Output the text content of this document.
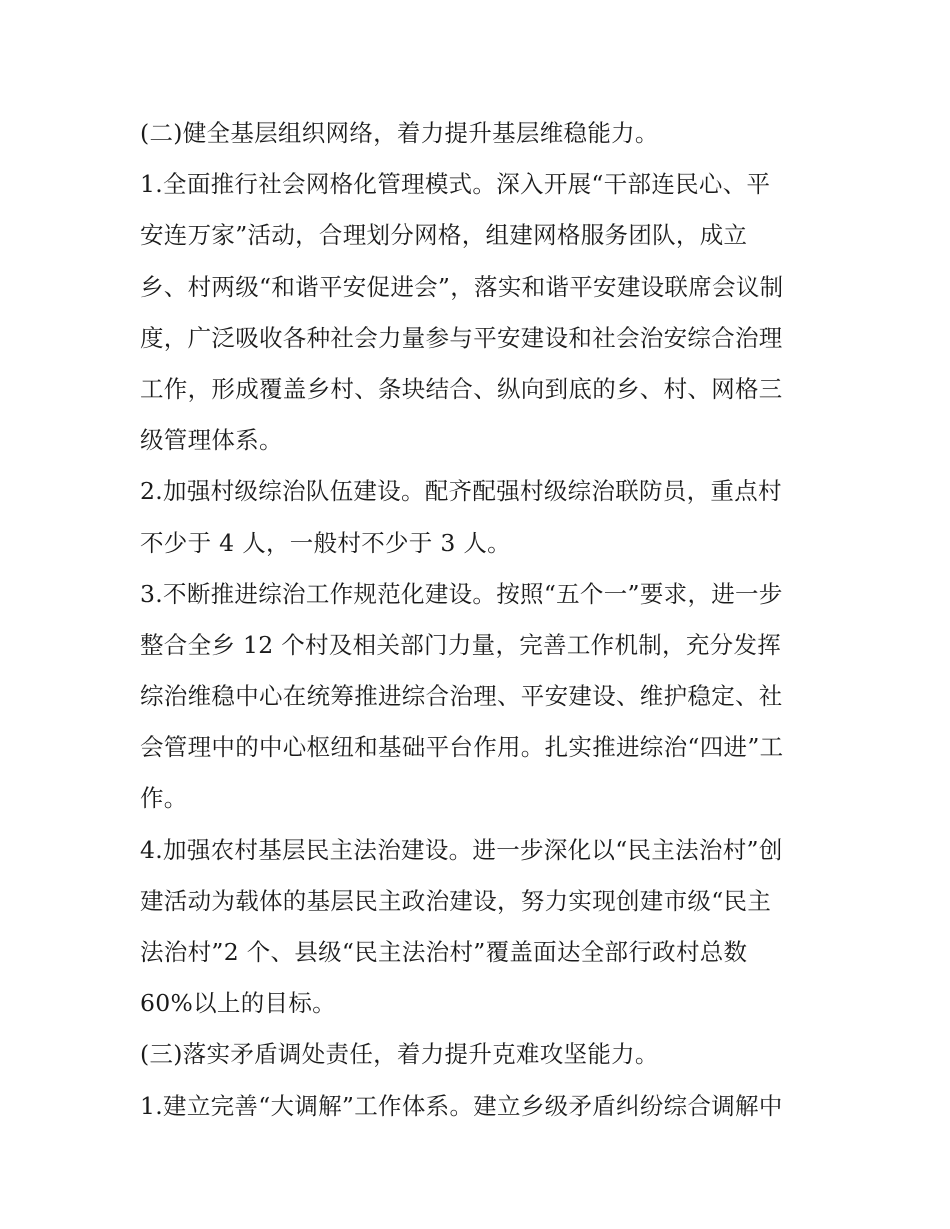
(二)健全基层组织网络，着力提升基层维稳能力。
1.全面推行社会网格化管理模式。深入开展“干部连民心、平
安连万家”活动，合理划分网格，组建网格服务团队，成立
乡、村两级“和谐平安促进会”，落实和谐平安建设联席会议制
度，广泛吸收各种社会力量参与平安建设和社会治安综合治理
工作，形成覆盖乡村、条块结合、纵向到底的乡、村、网格三
级管理体系。
2.加强村级综治队伍建设。配齐配强村级综治联防员，重点村
不少于 4 人，一般村不少于 3 人。
3.不断推进综治工作规范化建设。按照“五个一”要求，进一步
整合全乡 12 个村及相关部门力量，完善工作机制，充分发挥
综治维稳中心在统筹推进综合治理、平安建设、维护稳定、社
会管理中的中心枢纽和基础平台作用。扎实推进综治“四进”工
作。
4.加强农村基层民主法治建设。进一步深化以“民主法治村”创
建活动为载体的基层民主政治建设，努力实现创建市级“民主
法治村”2 个、县级“民主法治村”覆盖面达全部行政村总数
60%以上的目标。
(三)落实矛盾调处责任，着力提升克难攻坚能力。
1.建立完善“大调解”工作体系。建立乡级矛盾纠纷综合调解中
